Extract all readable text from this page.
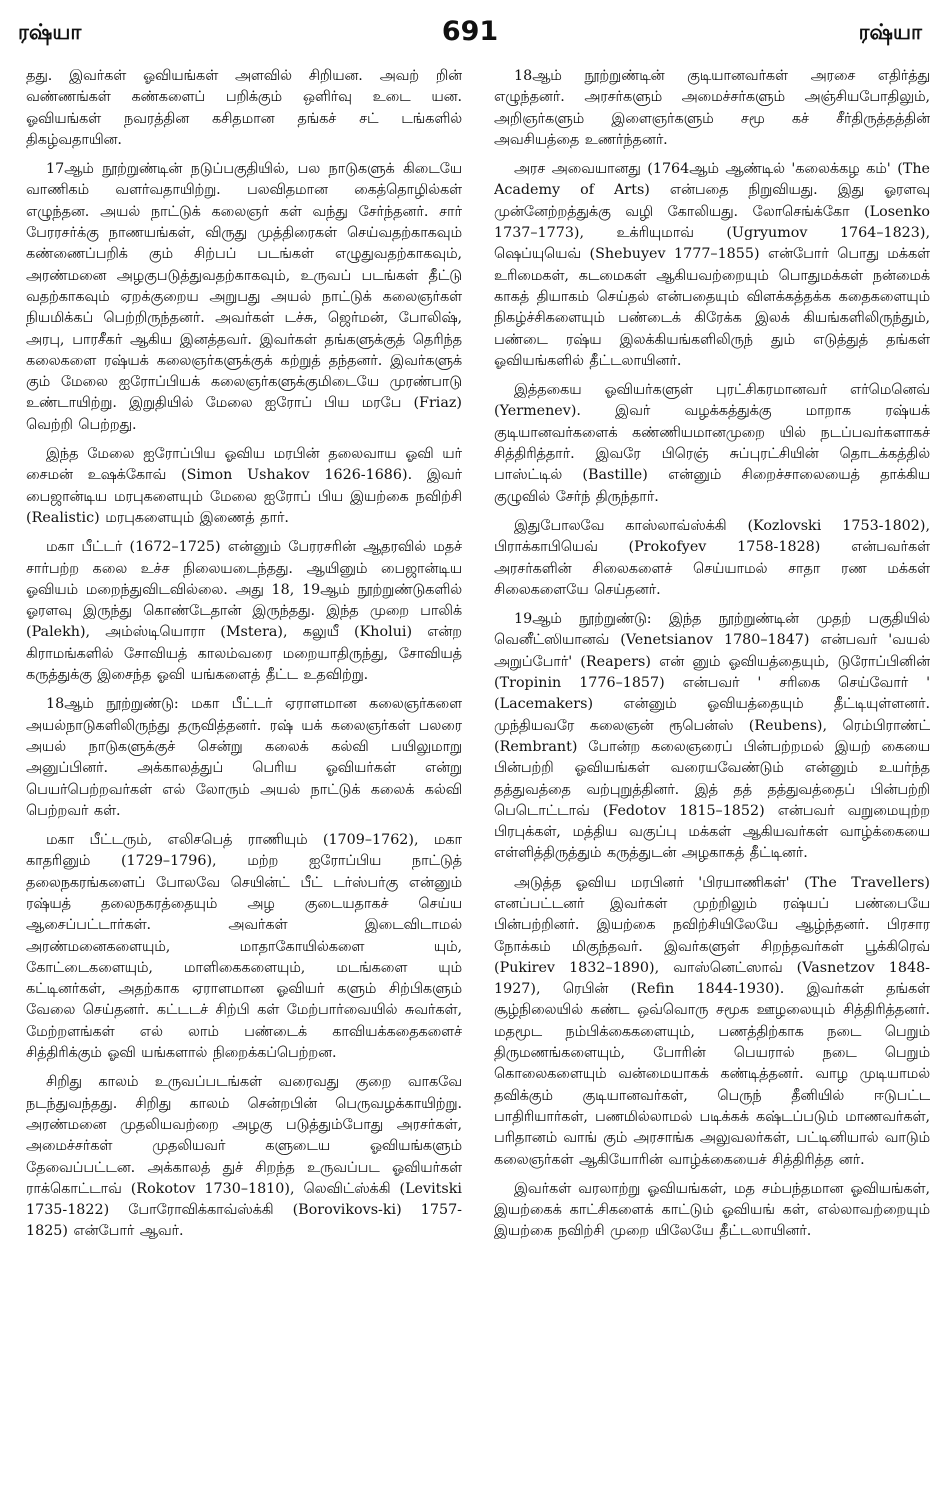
ரஷ்யா	691	ரஷ்யா

தது. இவர்கள் ஓவியங்கள் அளவில் சிறியன. அவற் றின் வண்ணங்கள் கண்களைப் பறிக்கும் ஒளிர்வு உடை யன. ஓவியங்கள் நவரத்தின கசிதமான தங்கச் சட் டங்களில் திகழ்வதாயின.

17ஆம் நூற்றுண்டின் நடுப்பகுதியில், பல நாடுகளுக் கிடையே வாணிகம் வளர்வதாயிற்று. பலவிதமான கைத்தொழில்கள் எழுந்தன. அயல் நாட்டுக் கலைஞர் கள் வந்து சேர்ந்தனர். சார் பேரரசர்க்கு நாணயங்கள், விருது முத்திரைகள் செய்வதற்காகவும் கண்ணைப்பறிக் கும் சிற்பப் படங்கள் எழுதுவதற்காகவும், அரண்மனை அழகுபடுத்துவதற்காகவும், உருவப் படங்கள் தீட்டு வதற்காகவும் ஏறக்குறைய அறுபது அயல் நாட்டுக் கலைஞர்கள் நியமிக்கப் பெற்றிருந்தனர். அவர்கள் டச்சு, ஜெர்மன், போலிஷ், அரபு, பாரசீகர் ஆகிய இனத்தவர். இவர்கள் தங்களுக்குத் தெரிந்த கலைகளை ரஷ்யக் கலைஞர்களுக்குக் கற்றுத் தந்தனர். இவர்களுக் கும் மேலை ஐரோப்பியக் கலைஞர்களுக்குமிடையே முரண்பாடு உண்டாயிற்று. இறுதியில் மேலை ஐரோப் பிய மரபே (Friaz) வெற்றி பெற்றது.

இந்த மேலை ஐரோப்பிய ஓவிய மரபின் தலைவாய ஓவி யர் சைமன் உஷக்கோவ் (Simon Ushakov 1626-1686). இவர் பைஜான்டிய மரபுகளையும் மேலை ஐரோப் பிய இயற்கை நவிற்சி (Realistic) மரபுகளையும் இணைத் தார்.

மகா பீட்டர் (1672–1725) என்னும் பேரரசரின் ஆதரவில் மதச் சார்பற்ற கலை உச்ச நிலையடைந்தது. ஆயினும் பைஜான்டிய ஓவியம் மறைந்துவிடவில்லை. அது 18, 19ஆம் நூற்றுண்டுகளில் ஓரளவு இருந்து கொண்டேதான் இருந்தது. இந்த முறை பாலிக் (Palekh), அம்ஸ்டியொரா (Mstera), கலுயீ (Kholui) என்ற கிராமங்களில் சோவியத் காலம்வரை மறையாதிருந்து, சோவியத் கருத்துக்கு இசைந்த ஓவி யங்களைத் தீட்ட உதவிற்று.

18ஆம் நூற்றுண்டு: மகா பீட்டர் ஏராளமான கலைஞர்களை அயல்நாடுகளிலிருந்து தருவித்தனர். ரஷ் யக் கலைஞர்கள் பலரை அயல் நாடுகளுக்குச் சென்று கலைக் கல்வி பயிலுமாறு அனுப்பினர். அக்காலத்துப் பெரிய ஓவியர்கள் என்று பெயர்பெற்றவர்கள் எல் லோரும் அயல் நாட்டுக் கலைக் கல்வி பெற்றவர் கள்.

மகா பீட்டரும், எலிசபெத் ராணியும் (1709–1762), மகா காதரினும் (1729–1796), மற்ற ஐரோப்பிய நாட்டுத் தலைநகரங்களைப் போலவே செயின்ட் பீட் டர்ஸ்பர்கு என்னும் ரஷ்யத் தலைநகரத்தையும் அழ குடையதாகச் செய்ய ஆசைப்பட்டார்கள். அவர்கள் இடைவிடாமல் அரண்மனைகளையும், மாதாகோயில்களை யும், கோட்டைகளையும், மாளிகைகளையும், மடங்களை யும் கட்டினர்கள், அதற்காக ஏராளமான ஓவியர் களும் சிற்பிகளும் வேலை செய்தனர். கட்டடச் சிற்பி கள் மேற்பார்வையில் சுவர்கள், மேற்றளங்கள் எல் லாம் பண்டைக் காவியக்கதைகளைச் சித்திரிக்கும் ஓவி யங்களால் நிறைக்கப்பெற்றன.

சிறிது காலம் உருவப்படங்கள் வரைவது குறை வாகவே நடந்துவந்தது. சிறிது காலம் சென்றபின் பெருவழக்காயிற்று. அரண்மனை முதலியவற்றை அழகு படுத்தும்போது அரசர்கள், அமைச்சர்கள் முதலியவர் களுடைய ஓவியங்களும் தேவைப்பட்டன. அக்காலத் துச் சிறந்த உருவப்பட ஓவியர்கள் ராக்கொட்டாவ் (Rokotov 1730–1810), லெவிட்ஸ்க்கி (Levitski 1735-1822) போரோவிக்காவ்ஸ்க்கி (Borovikovs-ki) 1757-1825) என்போர் ஆவர்.

18ஆம் நூற்றுண்டின் குடியானவர்கள் அரசை எதிர்த்து எழுந்தனர். அரசர்களும் அமைச்சர்களும் அஞ்சியபோதிலும், அறிஞர்களும் இளைஞர்களும் சமூ கச் சீர்திருத்தத்தின் அவசியத்தை உணர்ந்தனர்.

அரச அவையானது (1764ஆம் ஆண்டில் 'கலைக்கழ கம்' (The Academy of Arts) என்பதை நிறுவியது. இது ஓரளவு முன்னேற்றத்துக்கு வழி கோலியது. லோசெங்க்கோ (Losenko 1737–1773), உக்ரியுமாவ் (Ugryumov 1764–1823), ஷெப்யுயெவ் (Shebuyev 1777–1855) என்போர் பொது மக்கள் உரிமைகள், கடமைகள் ஆகியவற்றையும் பொதுமக்கள் நன்மைக் காகத் தியாகம் செய்தல் என்பதையும் விளக்கத்தக்க கதைகளையும் நிகழ்ச்சிகளையும் பண்டைக் கிரேக்க இலக் கியங்களிலிருந்தும், பண்டை ரஷ்ய இலக்கியங்களிலிருந் தும் எடுத்துத் தங்கள் ஓவியங்களில் தீட்டலாயினர்.

இத்தகைய ஓவியர்களுள் புரட்சிகரமானவர் எர்மெனெவ் (Yermenev). இவர் வழக்கத்துக்கு மாறாக ரஷ்யக் குடியானவர்களைக் கண்ணியமானமுறை யில் நடப்பவர்களாகச் சித்திரித்தார். இவரே பிரெஞ் சுப்புரட்சியின் தொடக்கத்தில் பாஸ்ட்டில் (Bastille) என்னும் சிறைச்சாலையைத் தாக்கிய குழுவில் சேர்ந் திருந்தார்.

இதுபோலவே காஸ்லாவ்ஸ்க்கி (Kozlovski 1753-1802), பிராக்காபியெவ் (Prokofyev 1758-1828) என்பவர்கள் அரசர்களின் சிலைகளைச் செய்யாமல் சாதா ரண மக்கள் சிலைகளையே செய்தனர்.

19ஆம் நூற்றுண்டு: இந்த நூற்றுண்டின் முதற் பகுதியில் வெனீட்ஸியானவ் (Venetsianov 1780–1847) என்பவர் 'வயல் அறுப்போர்' (Reapers) என் னும் ஓவியத்தையும், டுரோப்பினின் (Tropinin 1776–1857) என்பவர் ' சரிகை செய்வோர் ' (Lacemakers) என்னும் ஓவியத்தையும் தீட்டியுள்ளனர். முந்தியவரே கலைஞன் ரூபென்ஸ் (Reubens), ரெம்பிராண்ட் (Rembrant) போன்ற கலைஞரைப் பின்பற்றமல் இயற் கையை பின்பற்றி ஓவியங்கள் வரையவேண்டும் என்னும் உயர்ந்த தத்துவத்தை வற்புறுத்தினர். இத் தத் தத்துவத்தைப் பின்பற்றி பெடொட்டாவ் (Fedotov 1815–1852) என்பவர் வறுமையுற்ற பிரபுக்கள், மத்திய வகுப்பு மக்கள் ஆகியவர்கள் வாழ்க்கையை எள்ளித்திருத்தும் கருத்துடன் அழகாகத் தீட்டினர்.

அடுத்த ஓவிய மரபினர் 'பிரயாணிகள்' (The Travellers) எனப்பட்டனர் இவர்கள் முற்றிலும் ரஷ்யப் பண்பையே பின்பற்றினர். இயற்கை நவிற்சியிலேயே ஆழ்ந்தனர். பிரசார நோக்கம் மிகுந்தவர். இவர்களுள் சிறந்தவர்கள் பூக்கிரெவ் (Pukirev 1832–1890), வாஸ்னெட்ஸாவ் (Vasnetzov 1848-1927), ரெபின் (Refin 1844-1930). இவர்கள் தங்கள் சூழ்நிலையில் கண்ட ஒவ்வொரு சமூக ஊழலையும் சித்திரித்தனர். மதமூட நம்பிக்கைகளையும், பணத்திற்காக நடை பெறும் திருமணங்களையும், போரின் பெயரால் நடை பெறும் கொலைகளையும் வன்மையாகக் கண்டித்தனர். வாழ முடியாமல் தவிக்கும் குடியானவர்கள், பெருந் தீனியில் ஈடுபட்ட பாதிரியார்கள், பணமில்லாமல் படிக்கக் கஷ்டப்படும் மாணவர்கள், பரிதானம் வாங் கும் அரசாங்க அலுவலர்கள், பட்டினியால் வாடும் கலைஞர்கள் ஆகியோரின் வாழ்க்கையைச் சித்திரித்த னர்.

இவர்கள் வரலாற்று ஓவியங்கள், மத சம்பந்தமான ஓவியங்கள், இயற்கைக் காட்சிகளைக் காட்டும் ஓவியங் கள், எல்லாவற்றையும் இயற்கை நவிற்சி முறை யிலேயே தீட்டலாயினர்.
